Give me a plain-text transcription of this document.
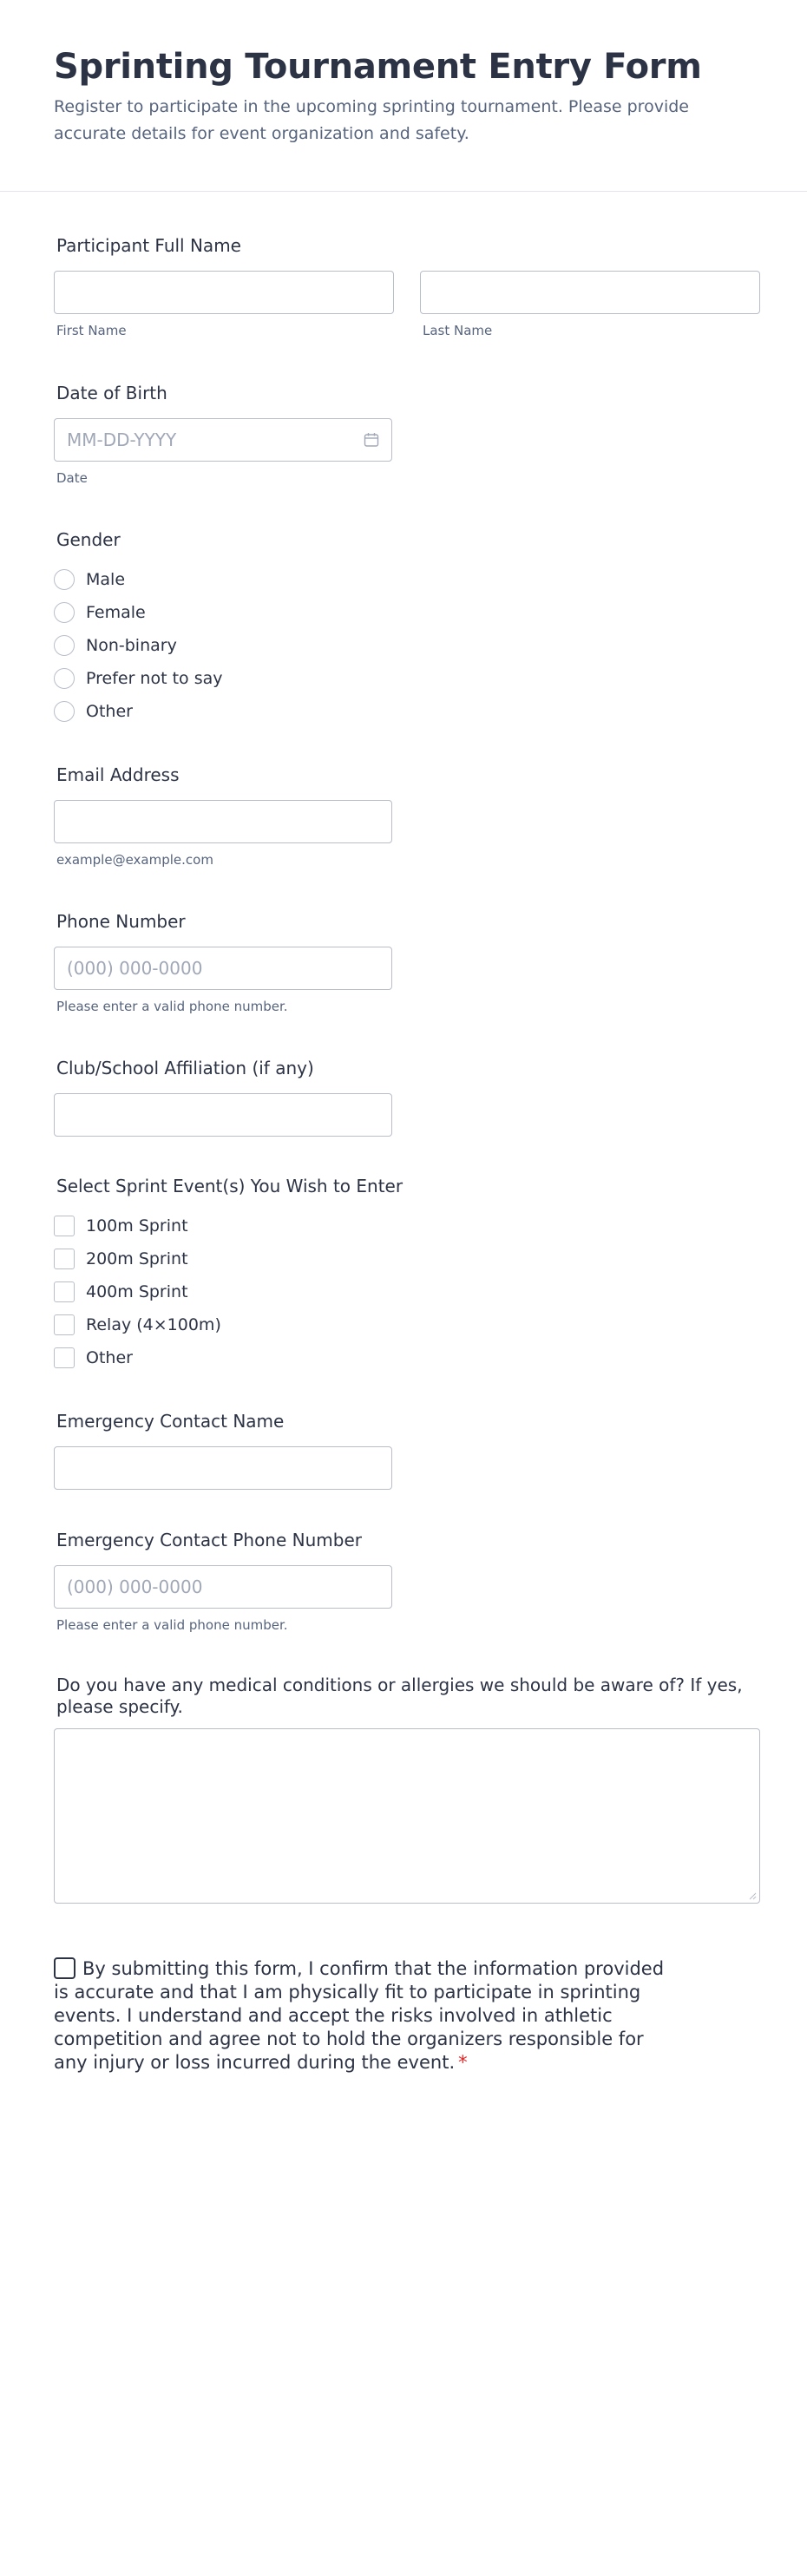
Sprinting Tournament Entry Form

Register to participate in the upcoming sprinting tournament. Please provide accurate details for event organization and safety.

Participant Full Name
First Name	Last Name
Date of Birth
MM-DD-YYYY
Date
Gender
Male
Female
Non-binary
Prefer not to say
Other
Email Address
example@example.com
Phone Number
(000) 000-0000
Please enter a valid phone number.
Club/School Affiliation (if any)
Select Sprint Event(s) You Wish to Enter
100m Sprint
200m Sprint
400m Sprint
Relay (4×100m)
Other
Emergency Contact Name
Emergency Contact Phone Number
(000) 000-0000
Please enter a valid phone number.
Do you have any medical conditions or allergies we should be aware of? If yes, please specify.
By submitting this form, I confirm that the information provided is accurate and that I am physically fit to participate in sprinting events. I understand and accept the risks involved in athletic competition and agree not to hold the organizers responsible for any injury or loss incurred during the event. *
